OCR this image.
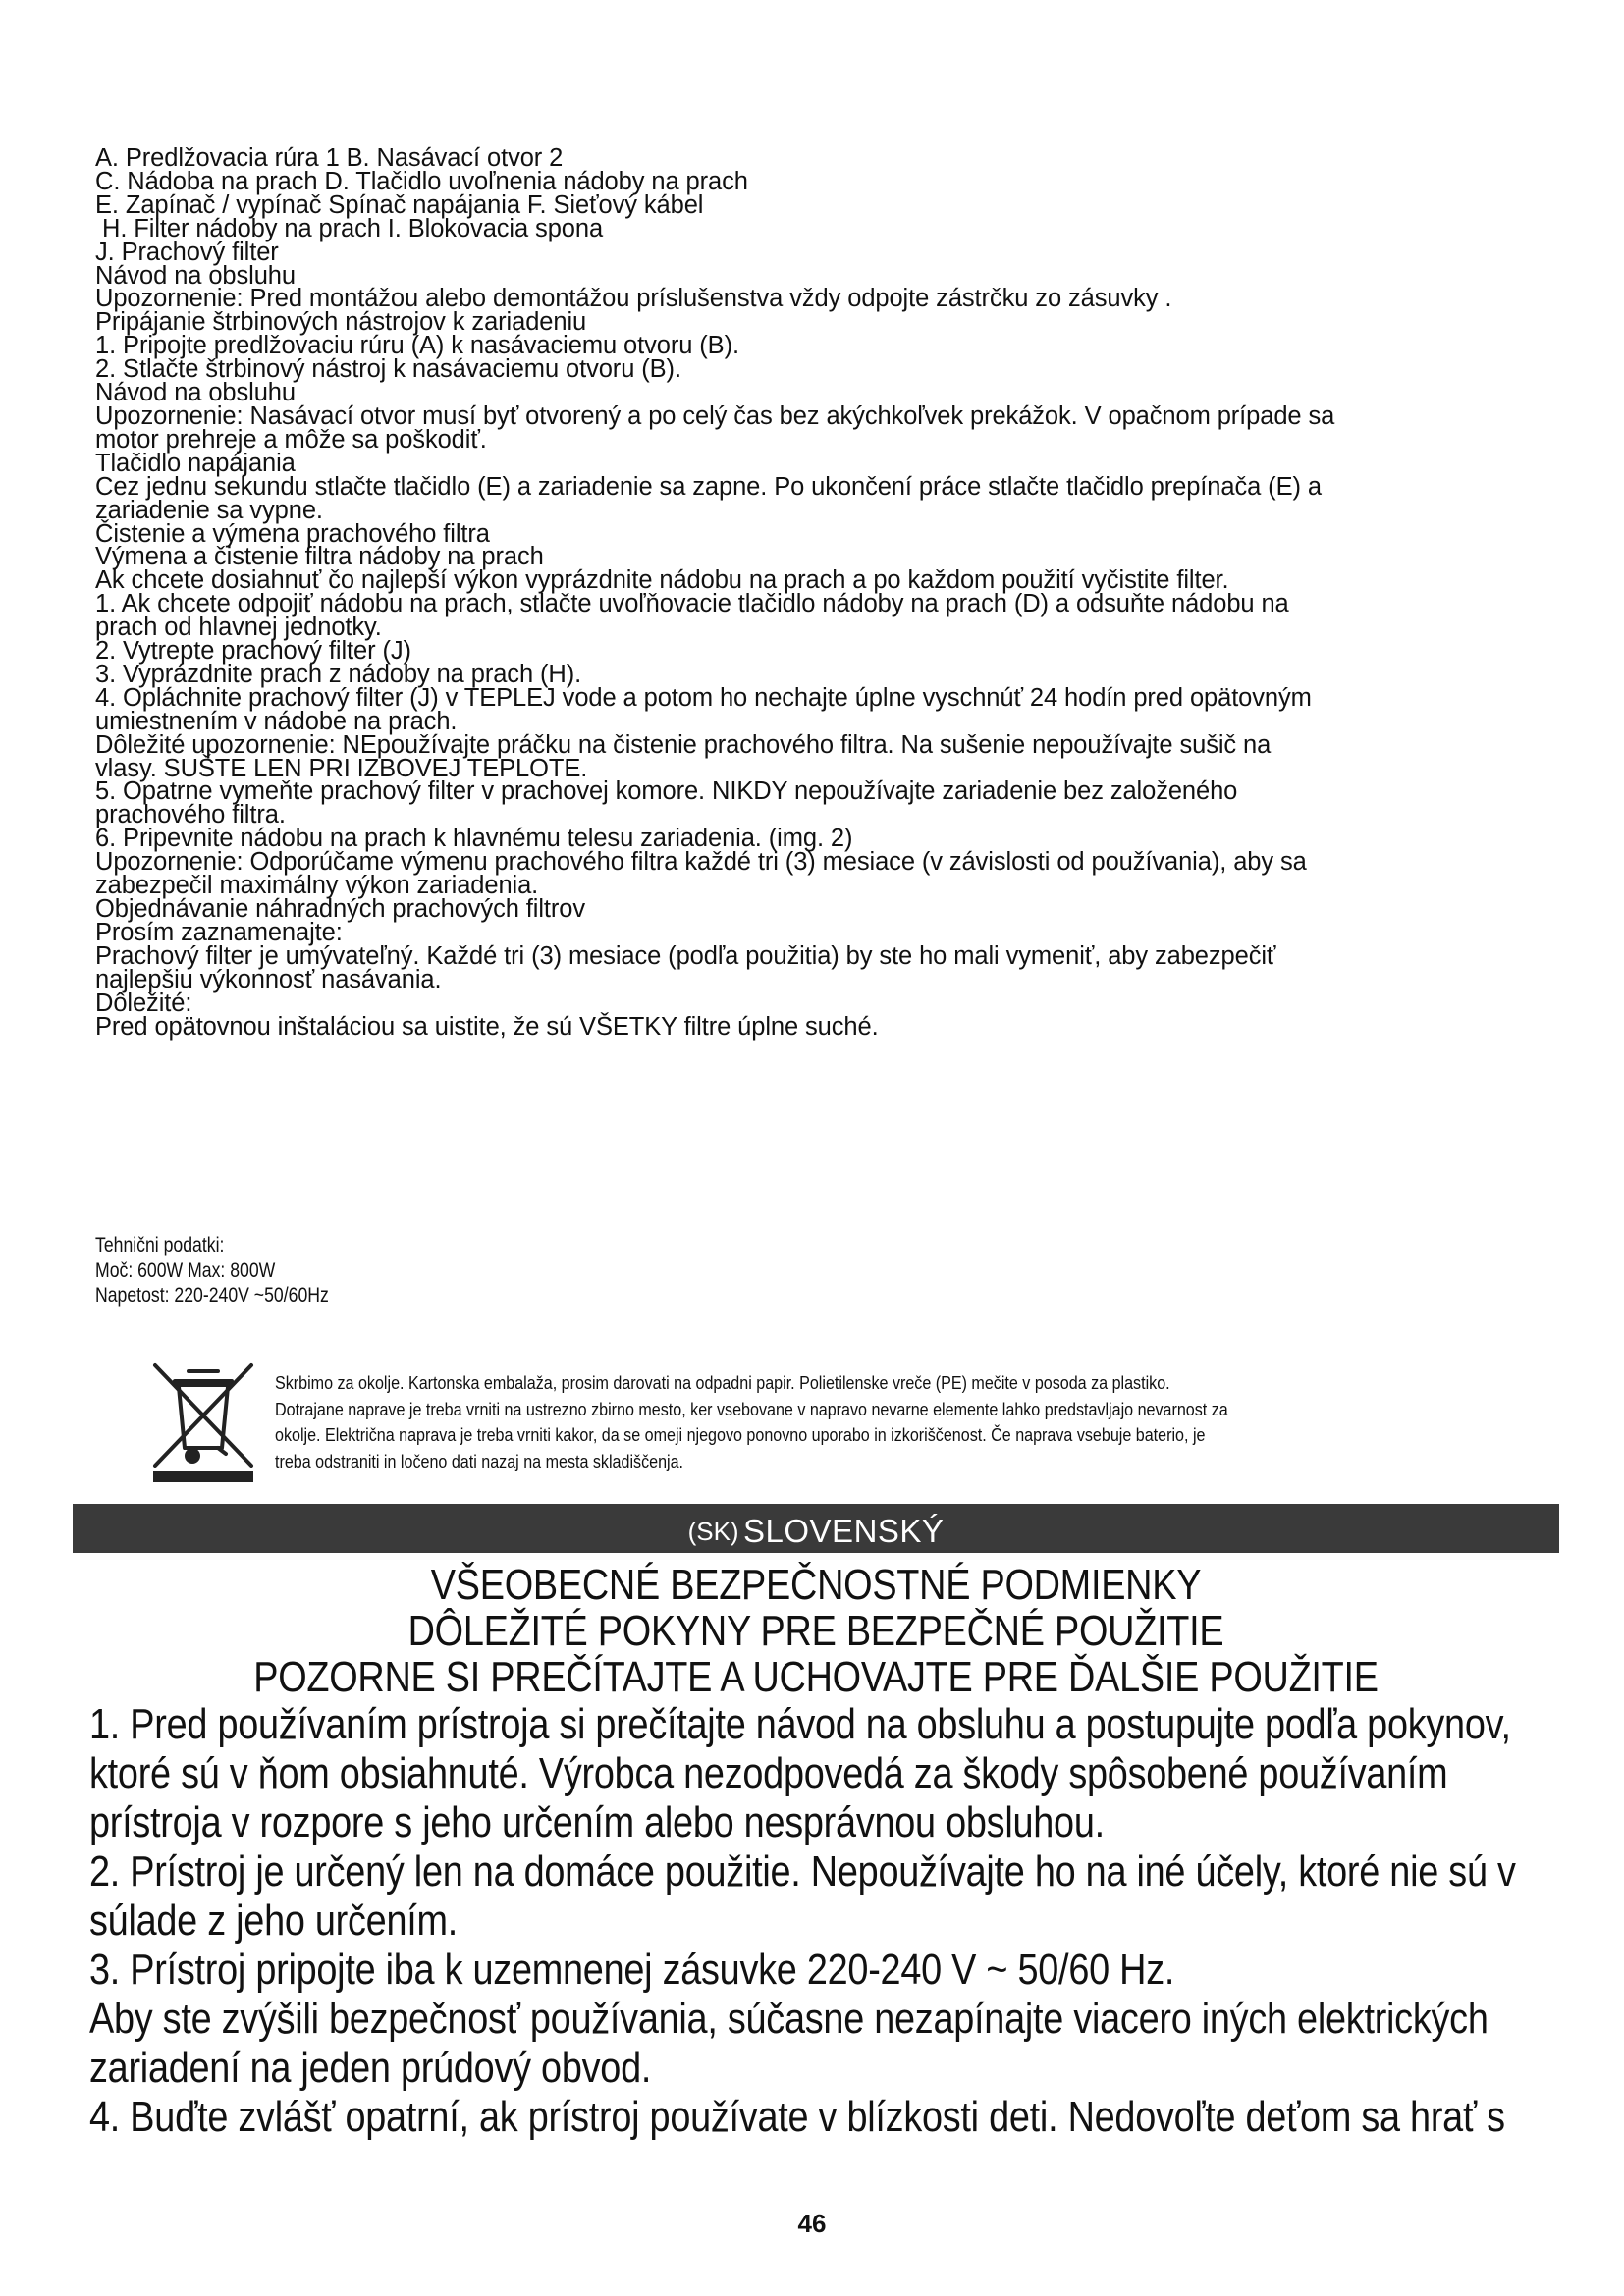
A. Predlžovacia rúra 1 B. Nasávací otvor 2
C. Nádoba na prach D. Tlačidlo uvoľnenia nádoby na prach
E. Zapínač / vypínač Spínač napájania F. Sieťový kábel
H. Filter nádoby na prach I. Blokovacia spona
J. Prachový filter
Návod na obsluhu
Upozornenie: Pred montážou alebo demontážou príslušenstva vždy odpojte zástrčku zo zásuvky .
Pripájanie štrbinových nástrojov k zariadeniu
1. Pripojte predlžovaciu rúru (A) k nasávaciemu otvoru (B).
2. Stlačte štrbinový nástroj k nasávaciemu otvoru (B).
Návod na obsluhu
Upozornenie: Nasávací otvor musí byť otvorený a po celý čas bez akýchkoľvek prekážok. V opačnom prípade sa
motor prehreje a môže sa poškodiť.
Tlačidlo napájania
Cez jednu sekundu stlačte tlačidlo (E) a zariadenie sa zapne. Po ukončení práce stlačte tlačidlo prepínača (E) a
zariadenie sa vypne.
Čistenie a výmena prachového filtra
Výmena a čistenie filtra nádoby na prach
Ak chcete dosiahnuť čo najlepší výkon vyprázdnite nádobu na prach a po každom použití vyčistite filter.
1. Ak chcete odpojiť nádobu na prach, stlačte uvoľňovacie tlačidlo nádoby na prach (D) a odsuňte nádobu na
prach od hlavnej jednotky.
2. Vytrepte prachový filter (J)
3. Vyprázdnite prach z nádoby na prach (H).
4. Opláchnite prachový filter (J) v TEPLEJ vode a potom ho nechajte úplne vyschnúť 24 hodín pred opätovným
umiestnením v nádobe na prach.
Dôležité upozornenie: NEpoužívajte práčku na čistenie prachového filtra. Na sušenie nepoužívajte sušič na
vlasy. SUŠTE LEN PRI IZBOVEJ TEPLOTE.
5. Opatrne vymeňte prachový filter v prachovej komore. NIKDY nepoužívajte zariadenie bez založeného
prachového filtra.
6. Pripevnite nádobu na prach k hlavnému telesu zariadenia. (img. 2)
Upozornenie: Odporúčame výmenu prachového filtra každé tri (3) mesiace (v závislosti od používania), aby sa
zabezpečil maximálny výkon zariadenia.
Objednávanie náhradných prachových filtrov
Prosím zaznamenajte:
Prachový filter je umývateľný. Každé tri (3) mesiace (podľa použitia) by ste ho mali vymeniť, aby zabezpečiť
najlepšiu výkonnosť nasávania.
Dôležité:
Pred opätovnou inštaláciou sa uistite, že sú VŠETKY filtre úplne suché.
Tehnični podatki:
Moč: 600W Max: 800W
Napetost: 220-240V ~50/60Hz
Skrbimo za okolje. Kartonska embalaža, prosim darovati na odpadni papir. Polietilenske vreče (PE) mečite v posoda za plastiko.
Dotrajane naprave je treba vrniti na ustrezno zbirno mesto, ker vsebovane v napravo nevarne elemente lahko predstavljajo nevarnost za
okolje. Električna naprava je treba vrniti kakor, da se omeji njegovo ponovno uporabo in izkoriščenost. Če naprava vsebuje baterio, je
treba odstraniti in ločeno dati nazaj na mesta skladiščenja.
(SK) SLOVENSKÝ
VŠEOBECNÉ BEZPEČNOSTNÉ PODMIENKY
DÔLEŽITÉ POKYNY PRE BEZPEČNÉ POUŽITIE
POZORNE SI PREČÍTAJTE A UCHOVAJTE PRE ĎALŠIE POUŽITIE
1. Pred používaním prístroja si prečítajte návod na obsluhu a postupujte podľa pokynov,
ktoré sú v ňom obsiahnuté. Výrobca nezodpovedá za škody spôsobené používaním
prístroja v rozpore s jeho určením alebo nesprávnou obsluhou.
2. Prístroj je určený len na domáce použitie. Nepoužívajte ho na iné účely, ktoré nie sú v
súlade z jeho určením.
3. Prístroj pripojte iba k uzemnenej zásuvke 220-240 V ~ 50/60 Hz.
Aby ste zvýšili bezpečnosť používania, súčasne nezapínajte viacero iných elektrických
zariadení na jeden prúdový obvod.
4. Buďte zvlášť opatrní, ak prístroj používate v blízkosti deti. Nedovoľte deťom sa hrať s
46
